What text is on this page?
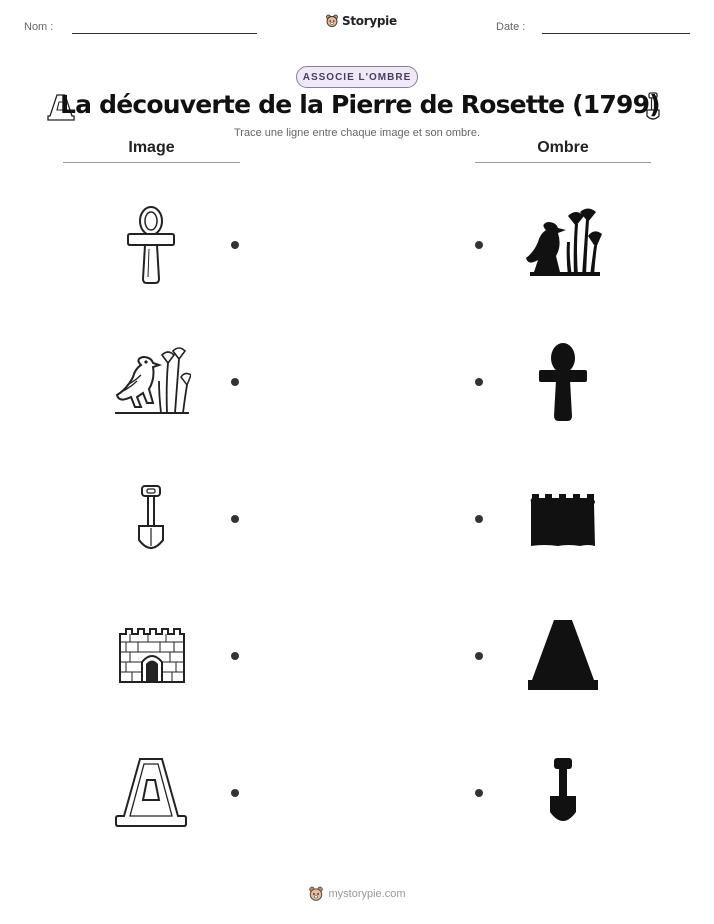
Nom :	Date :
Storypie
ASSOCIE L'OMBRE
La découverte de la Pierre de Rosette (1799)
Trace une ligne entre chaque image et son ombre.
Image	Ombre
mystorypie.com
